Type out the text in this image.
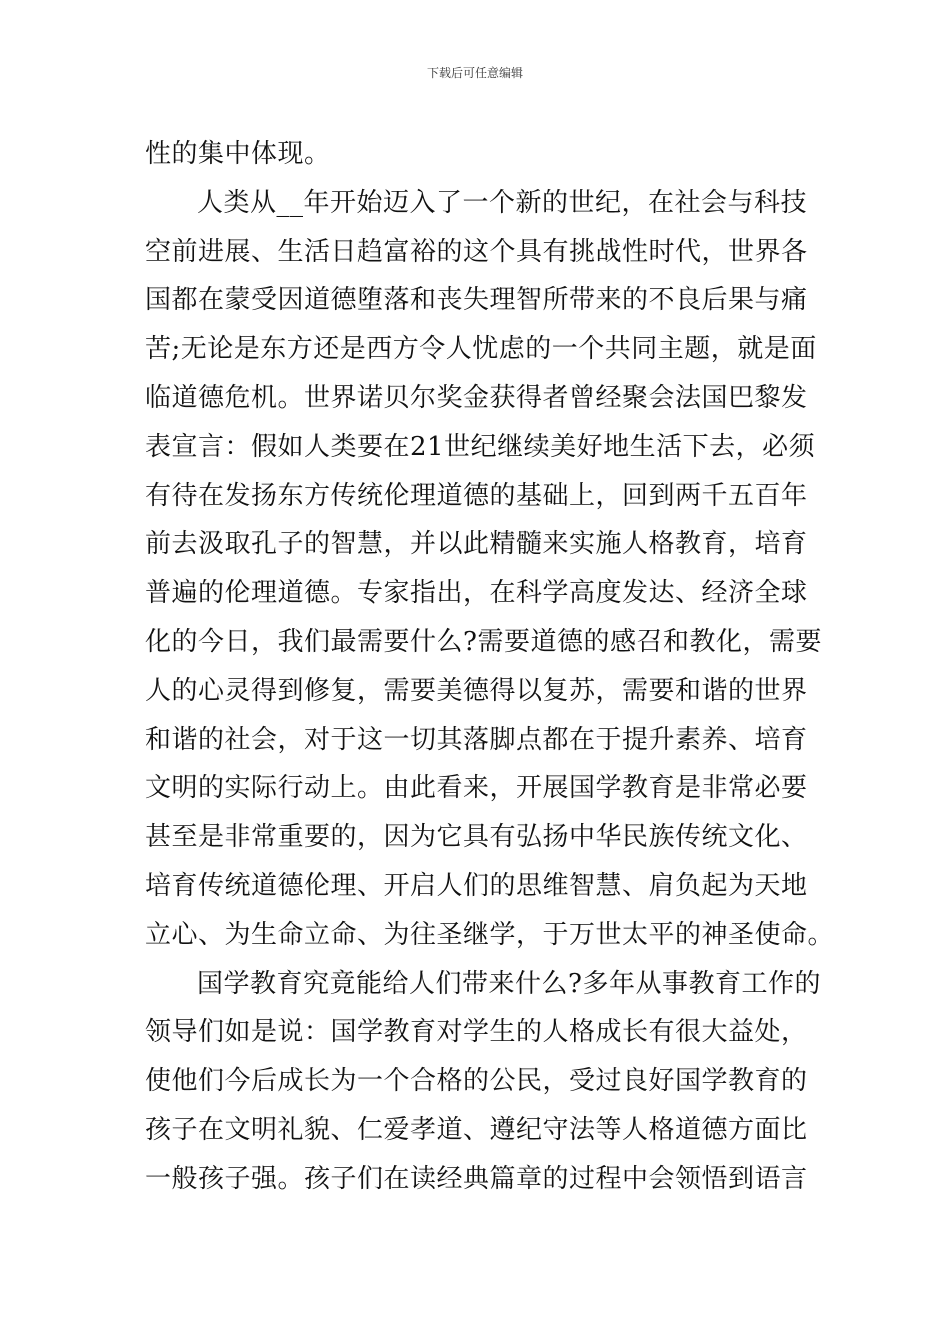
下载后可任意编辑
性的集中体现。
人类从__年开始迈入了一个新的世纪，在社会与科技
空前进展、生活日趋富裕的这个具有挑战性时代，世界各
国都在蒙受因道德堕落和丧失理智所带来的不良后果与痛
苦;无论是东方还是西方令人忧虑的一个共同主题，就是面
临道德危机。世界诺贝尔奖金获得者曾经聚会法国巴黎发
表宣言：假如人类要在21世纪继续美好地生活下去，必须
有待在发扬东方传统伦理道德的基础上，回到两千五百年
前去汲取孔子的智慧，并以此精髓来实施人格教育，培育
普遍的伦理道德。专家指出，在科学高度发达、经济全球
化的今日，我们最需要什么?需要道德的感召和教化，需要
人的心灵得到修复，需要美德得以复苏，需要和谐的世界
和谐的社会，对于这一切其落脚点都在于提升素养、培育
文明的实际行动上。由此看来，开展国学教育是非常必要
甚至是非常重要的，因为它具有弘扬中华民族传统文化、
培育传统道德伦理、开启人们的思维智慧、肩负起为天地
立心、为生命立命、为往圣继学，于万世太平的神圣使命。
国学教育究竟能给人们带来什么?多年从事教育工作的
领导们如是说：国学教育对学生的人格成长有很大益处，
使他们今后成长为一个合格的公民，受过良好国学教育的
孩子在文明礼貌、仁爱孝道、遵纪守法等人格道德方面比
一般孩子强。孩子们在读经典篇章的过程中会领悟到语言
